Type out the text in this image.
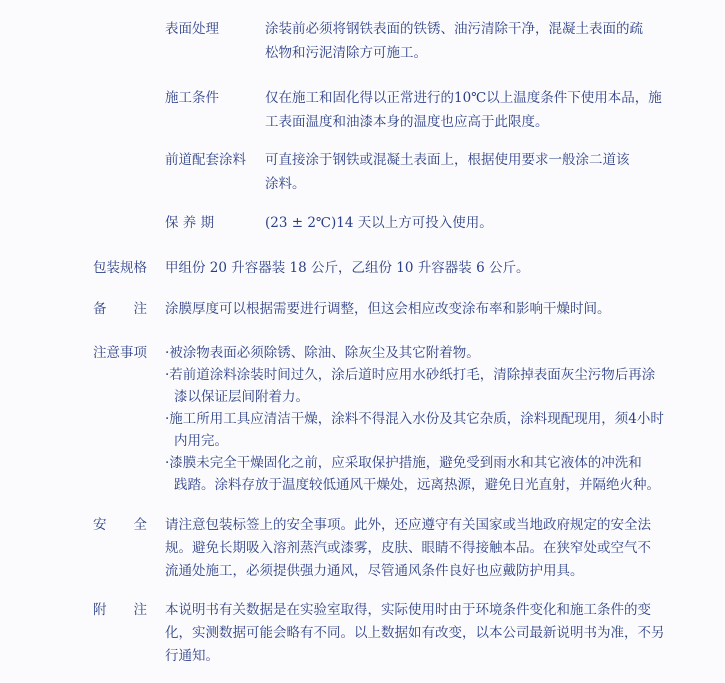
表面处理	涂装前必须将钢铁表面的铁锈、油污清除干净，混凝土表面的疏
松物和污泥清除方可施工。
施工条件	仅在施工和固化得以正常进行的10℃以上温度条件下使用本品，施
工表面温度和油漆本身的温度也应高于此限度。
前道配套涂料 可直接涂于钢铁或混凝土表面上，根据使用要求一般涂二道该
涂料。
保 养 期	(23 ± 2℃)14 天以上方可投入使用。
包装规格 甲组份 20 升容器装 18 公斤，乙组份 10 升容器装 6 公斤。
备　　注 涂膜厚度可以根据需要进行调整，但这会相应改变涂布率和影响干燥时间。
注意事项 ·被涂物表面必须除锈、除油、除灰尘及其它附着物。
·若前道涂料涂装时间过久，涂后道时应用水砂纸打毛，清除掉表面灰尘污物后再涂
漆以保证层间附着力。
·施工所用工具应清洁干燥，涂料不得混入水份及其它杂质，涂料现配现用，须4小时
内用完。
·漆膜未完全干燥固化之前，应采取保护措施，避免受到雨水和其它液体的冲洗和
践踏。涂料存放于温度较低通风干燥处，远离热源，避免日光直射，并隔绝火种。
安　　全 请注意包装标签上的安全事项。此外，还应遵守有关国家或当地政府规定的安全法
规。避免长期吸入溶剂蒸汽或漆雾，皮肤、眼睛不得接触本品。在狭窄处或空气不
流通处施工，必须提供强力通风，尽管通风条件良好也应戴防护用具。
附　　注 本说明书有关数据是在实验室取得，实际使用时由于环境条件变化和施工条件的变
化，实测数据可能会略有不同。以上数据如有改变，以本公司最新说明书为准，不另
行通知。
